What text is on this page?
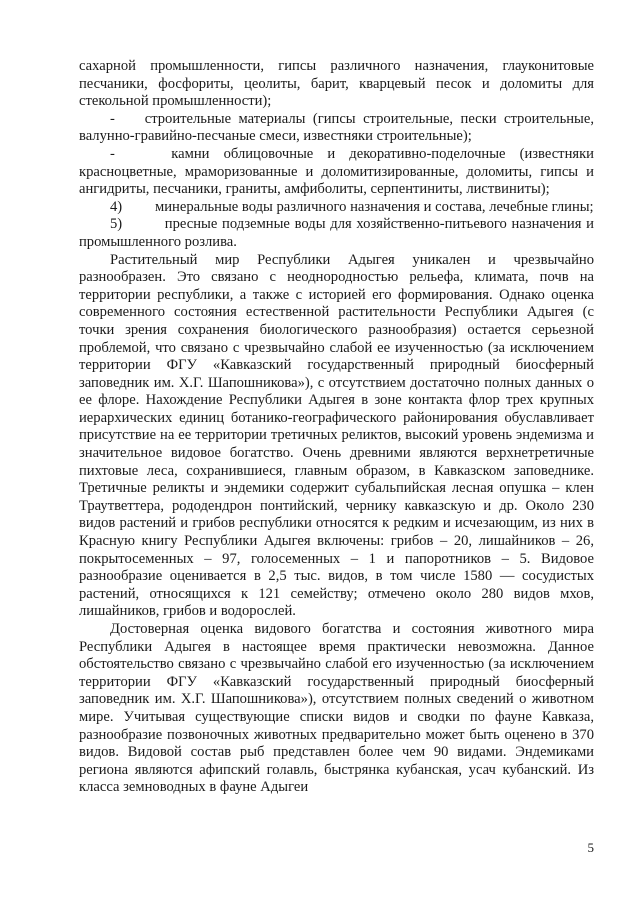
сахарной промышленности, гипсы различного назначения, глауконитовые песчаники, фосфориты, цеолиты, барит, кварцевый песок и доломиты для стекольной промышленности);

-    строительные материалы (гипсы строительные, пески строительные, валунно-гравийно-песчаные смеси, известняки строительные);

-    камни облицовочные и декоративно-поделочные (известняки красноцветные, мраморизованные и доломитизированные, доломиты, гипсы и ангидриты, песчаники, граниты, амфиболиты, серпентиниты, листвиниты);

4)         минеральные воды различного назначения и состава, лечебные глины;

5)         пресные подземные воды для хозяйственно-питьевого назначения и промышленного розлива.

Растительный мир Республики Адыгея уникален и чрезвычайно разнообразен. Это связано с неоднородностью рельефа, климата, почв на территории республики, а также с историей его формирования. Однако оценка современного состояния естественной растительности Республики Адыгея (с точки зрения сохранения биологического разнообразия) остается серьезной проблемой, что связано с чрезвычайно слабой ее изученностью (за исключением территории ФГУ «Кавказский государственный природный биосферный заповедник им. Х.Г. Шапошникова»), с отсутствием достаточно полных данных о ее флоре. Нахождение Республики Адыгея в зоне контакта флор трех крупных иерархических единиц ботанико-географического районирования обуславливает присутствие на ее территории третичных реликтов, высокий уровень эндемизма и значительное видовое богатство. Очень древними являются верхнетретичные пихтовые леса, сохранившиеся, главным образом, в Кавказском заповеднике. Третичные реликты и эндемики содержит субальпийская лесная опушка – клен Траутветтера, рододендрон понтийский, чернику кавказскую и др. Около 230 видов растений и грибов республики относятся к редким и исчезающим, из них в Красную книгу Республики Адыгея включены: грибов – 20, лишайников – 26, покрытосеменных – 97, голосеменных – 1 и папоротников – 5. Видовое разнообразие оценивается в 2,5 тыс. видов, в том числе 1580 — сосудистых растений, относящихся к 121 семейству; отмечено около 280 видов мхов, лишайников, грибов и водорослей.

Достоверная оценка видового богатства и состояния животного мира Республики Адыгея в настоящее время практически невозможна. Данное обстоятельство связано с чрезвычайно слабой его изученностью (за исключением территории ФГУ «Кавказский государственный природный биосферный заповедник им. Х.Г. Шапошникова»), отсутствием полных сведений о животном мире. Учитывая существующие списки видов и сводки по фауне Кавказа, разнообразие позвоночных животных предварительно может быть оценено в 370 видов. Видовой состав рыб представлен более чем 90 видами. Эндемиками региона являются афипский голавль, быстрянка кубанская, усач кубанский. Из класса земноводных в фауне Адыгеи

5
